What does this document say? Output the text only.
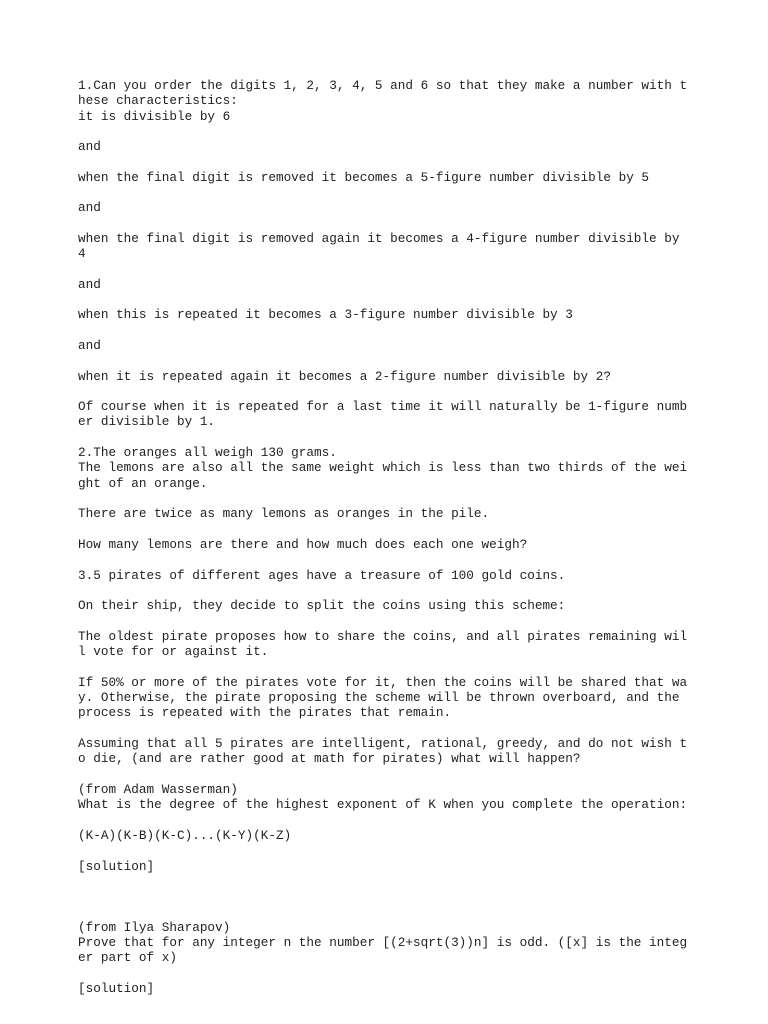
1.Can you order the digits 1, 2, 3, 4, 5 and 6 so that they make a number with t

hese characteristics:

it is divisible by 6

and

when the final digit is removed it becomes a 5-figure number divisible by 5

and

when the final digit is removed again it becomes a 4-figure number divisible by

4

and

when this is repeated it becomes a 3-figure number divisible by 3

and

when it is repeated again it becomes a 2-figure number divisible by 2?

Of course when it is repeated for a last time it will naturally be 1-figure numb

er divisible by 1.

2.The oranges all weigh 130 grams.

The lemons are also all the same weight which is less than two thirds of the wei

ght of an orange.

There are twice as many lemons as oranges in the pile.

How many lemons are there and how much does each one weigh?

3.5 pirates of different ages have a treasure of 100 gold coins.

On their ship, they decide to split the coins using this scheme:

The oldest pirate proposes how to share the coins, and all pirates remaining wil

l vote for or against it.

If 50% or more of the pirates vote for it, then the coins will be shared that wa

y. Otherwise, the pirate proposing the scheme will be thrown overboard, and the

process is repeated with the pirates that remain.

Assuming that all 5 pirates are intelligent, rational, greedy, and do not wish t

o die, (and are rather good at math for pirates) what will happen?

(from Adam Wasserman)

What is the degree of the highest exponent of K when you complete the operation:

(K-A)(K-B)(K-C)...(K-Y)(K-Z)

[solution]

(from Ilya Sharapov)

Prove that for any integer n the number [(2+sqrt(3))n] is odd. ([x] is the integ

er part of x)

[solution]
